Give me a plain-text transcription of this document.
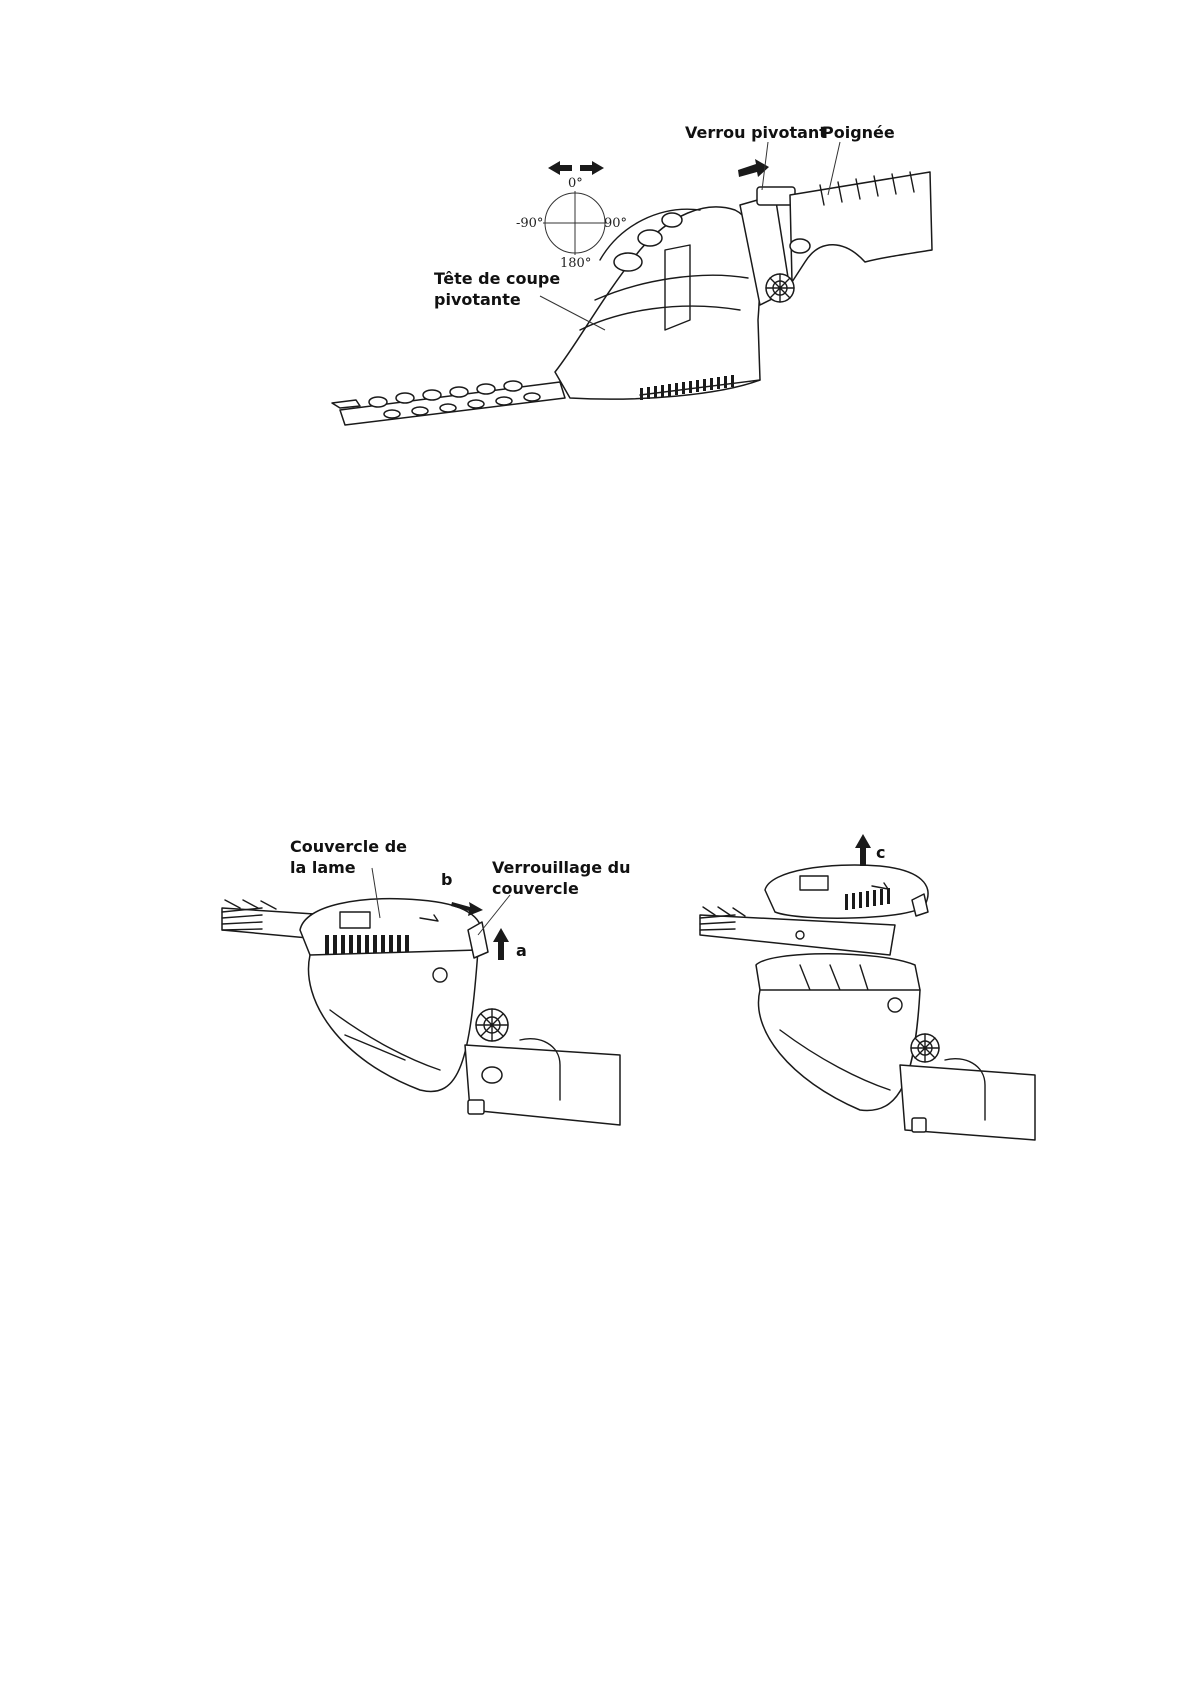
Verrou pivotant
Poignée
Tête de coupe
pivotante
0°
-90°	90°
180°
Couvercle de
la lame	Verrouillage du
couvercle
b
a
c
